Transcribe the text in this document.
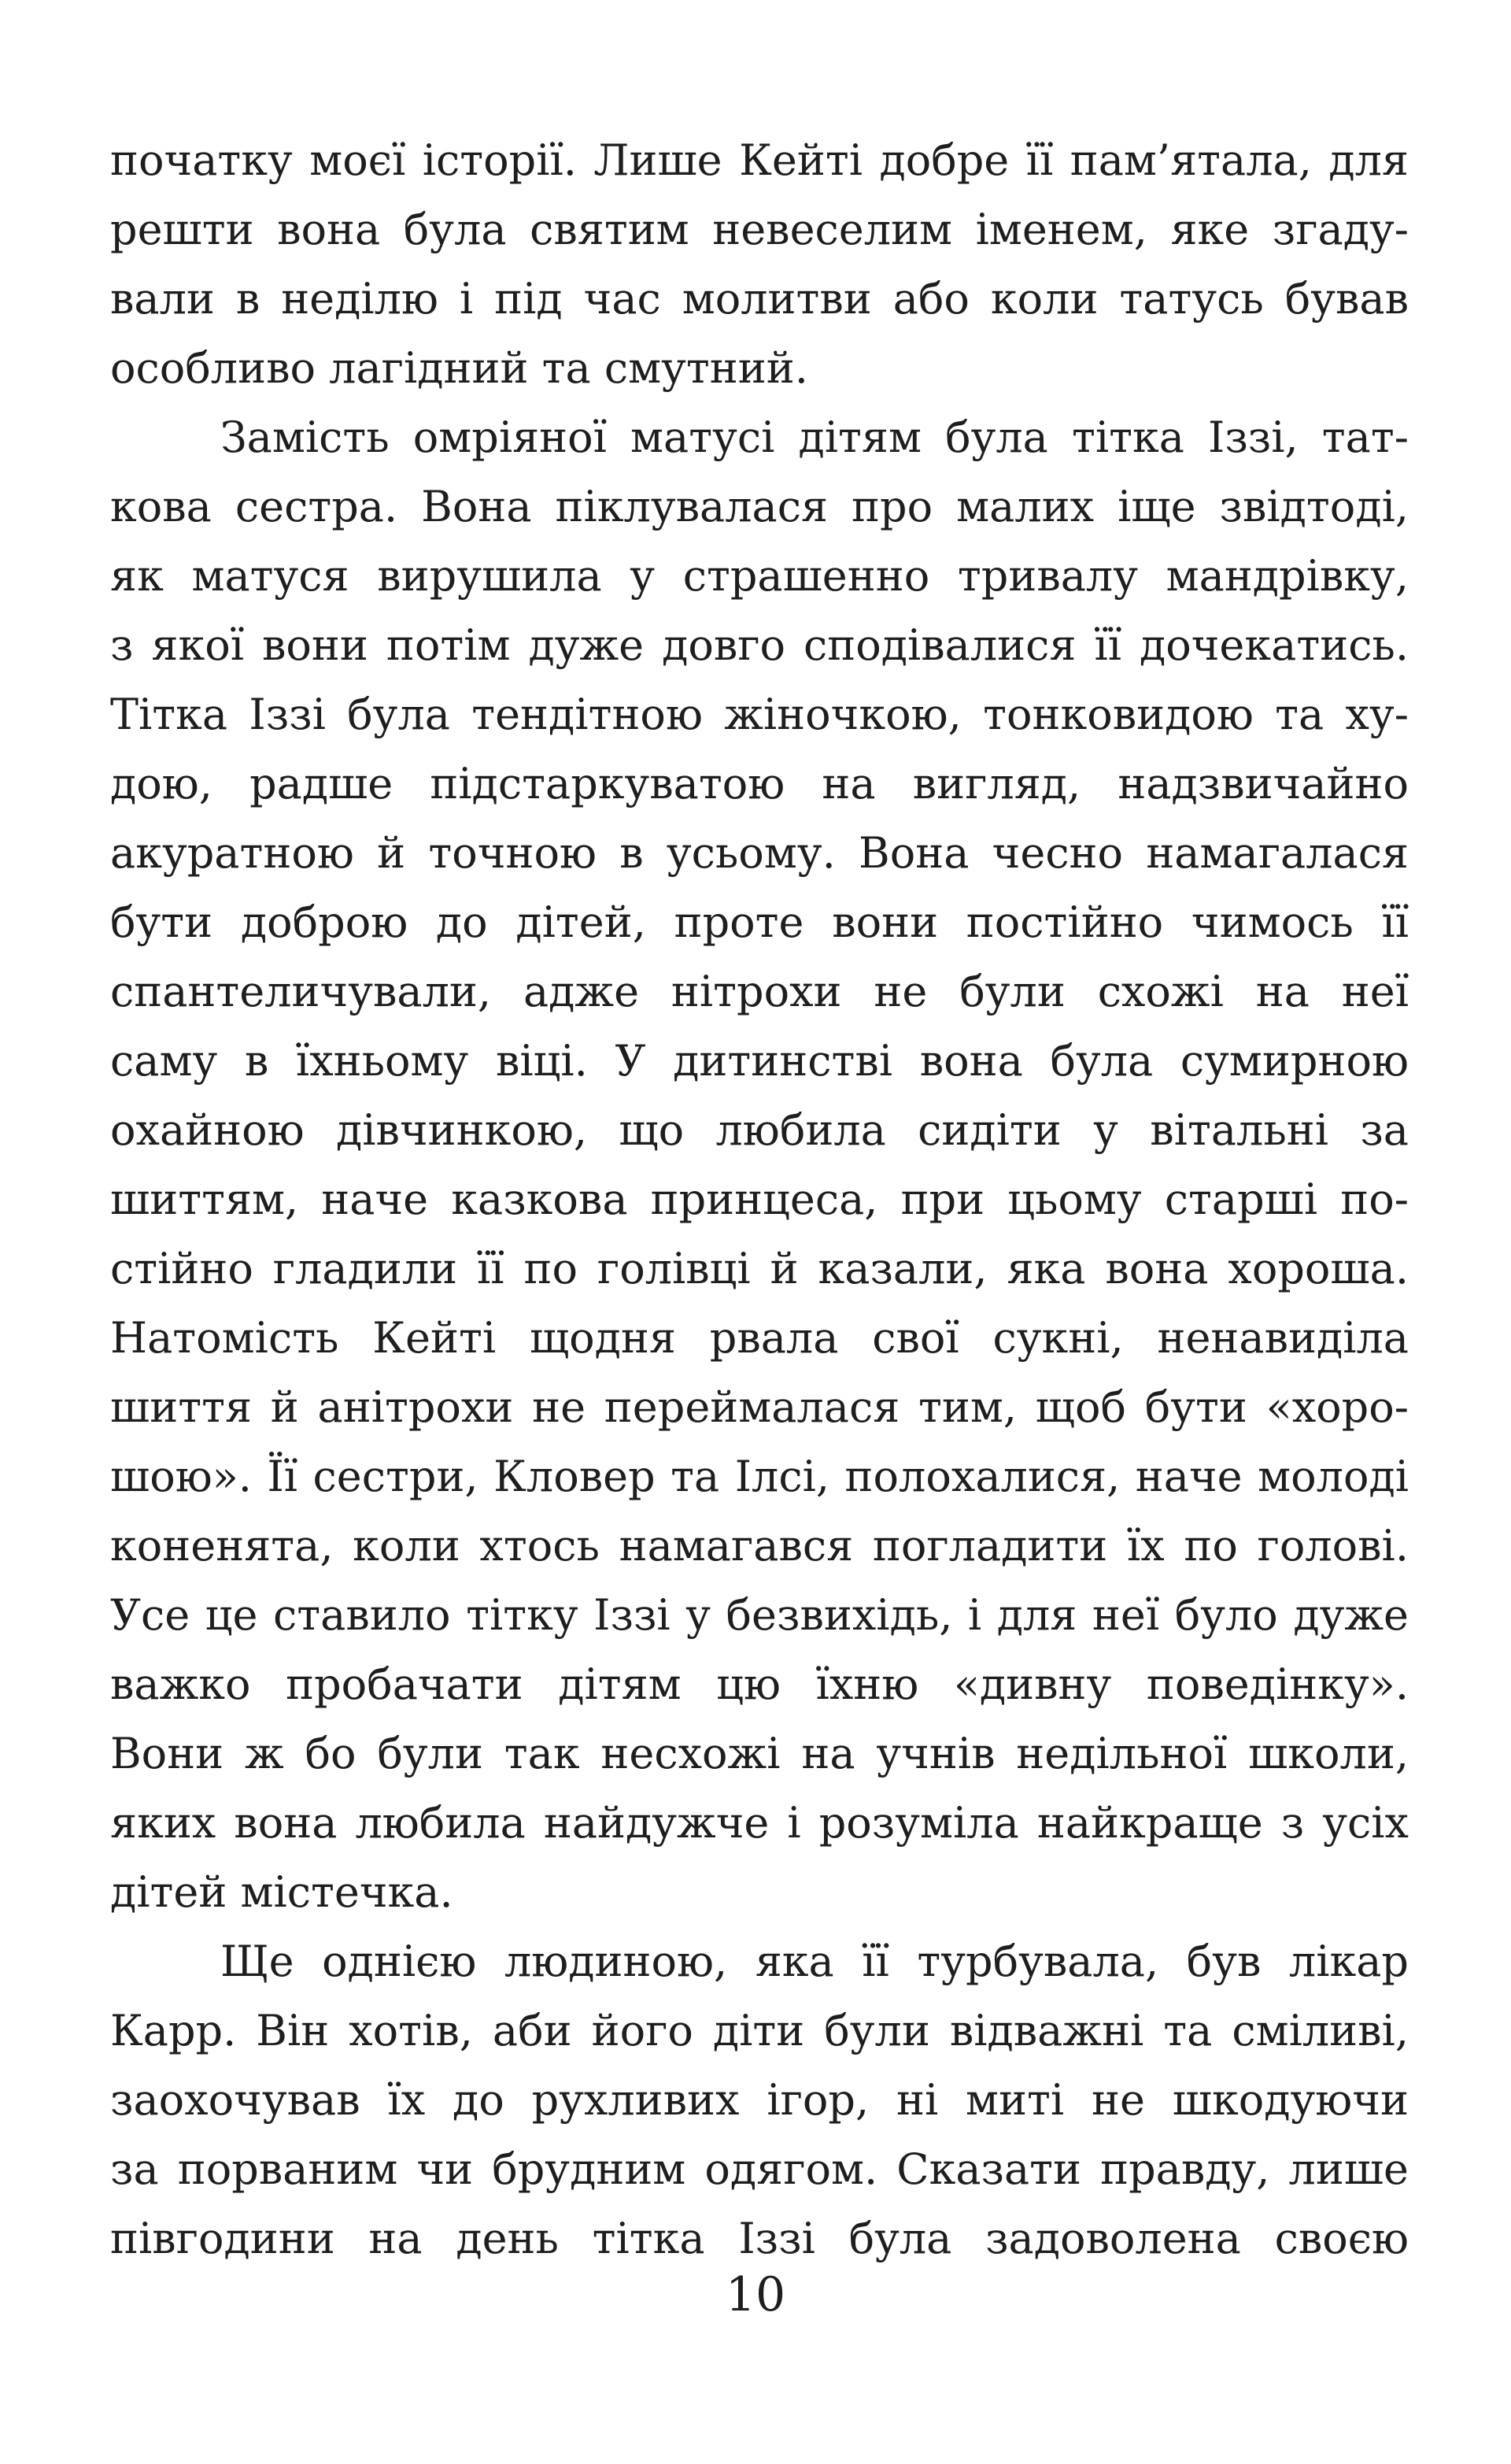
початку моєї історії. Лише Кейті добре її пам’ятала, для
решти вона була святим невеселим іменем, яке згаду-
вали в неділю і під час молитви або коли татусь бував
особливо лагідний та смутний.
Замість омріяної матусі дітям була тітка Іззі, тат-
кова сестра. Вона піклувалася про малих іще звідтоді,
як матуся вирушила у страшенно тривалу мандрівку,
з якої вони потім дуже довго сподівалися її дочекатись.
Тітка Іззі була тендітною жіночкою, тонковидою та ху-
дою, радше підстаркуватою на вигляд, надзвичайно
акуратною й точною в усьому. Вона чесно намагалася
бути доброю до дітей, проте вони постійно чимось її
спантеличували, адже нітрохи не були схожі на неї
саму в їхньому віці. У дитинстві вона була сумирною
охайною дівчинкою, що любила сидіти у вітальні за
шиттям, наче казкова принцеса, при цьому старші по-
стійно гладили її по голівці й казали, яка вона хороша.
Натомість Кейті щодня рвала свої сукні, ненавиділа
шиття й анітрохи не переймалася тим, щоб бути «хоро-
шою». Її сестри, Кловер та Ілсі, полохалися, наче молоді
коненята, коли хтось намагався погладити їх по голові.
Усе це ставило тітку Іззі у безвихідь, і для неї було дуже
важко пробачати дітям цю їхню «дивну поведінку».
Вони ж бо були так несхожі на учнів недільної школи,
яких вона любила найдужче і розуміла найкраще з усіх
дітей містечка.
Ще однією людиною, яка її турбувала, був лікар
Карр. Він хотів, аби його діти були відважні та сміливі,
заохочував їх до рухливих ігор, ні миті не шкодуючи
за порваним чи брудним одягом. Сказати правду, лише
півгодини на день тітка Іззі була задоволена своєю
10
